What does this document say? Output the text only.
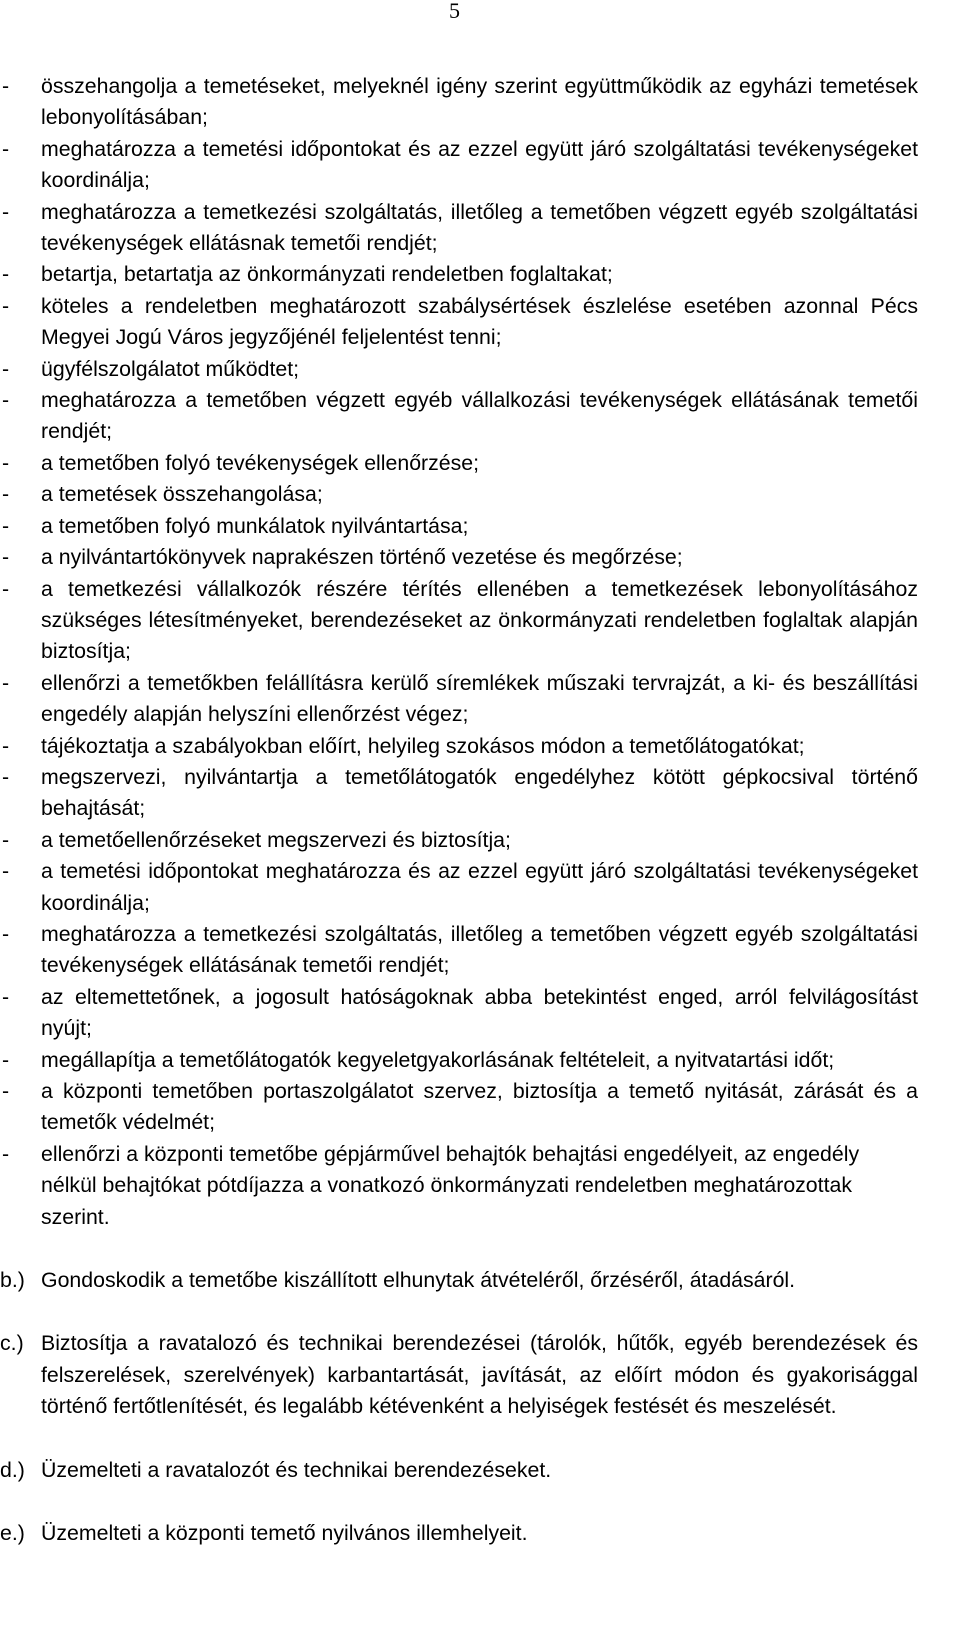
5
- összehangolja a temetéseket, melyeknél igény szerint együttműködik az egyházi temetések lebonyolításában;
- meghatározza a temetési időpontokat és az ezzel együtt járó szolgáltatási tevékenységeket koordinálja;
- meghatározza a temetkezési szolgáltatás, illetőleg a temetőben végzett egyéb szolgáltatási tevékenységek ellátásnak temetői rendjét;
- betartja, betartatja az önkormányzati rendeletben foglaltakat;
- köteles a rendeletben meghatározott szabálysértések észlelése esetében azonnal Pécs Megyei Jogú Város jegyzőjénél feljelentést tenni;
- ügyfélszolgálatot működtet;
- meghatározza a temetőben végzett egyéb vállalkozási tevékenységek ellátásának temetői rendjét;
- a temetőben folyó tevékenységek ellenőrzése;
- a temetések összehangolása;
- a temetőben folyó munkálatok nyilvántartása;
- a nyilvántartókönyvek naprakészen történő vezetése és megőrzése;
- a temetkezési vállalkozók részére térítés ellenében a temetkezések lebonyolításához szükséges létesítményeket, berendezéseket az önkormányzati rendeletben foglaltak alapján biztosítja;
- ellenőrzi a temetőkben felállításra kerülő síremlékek műszaki tervrajzát, a ki- és beszállítási engedély alapján helyszíni ellenőrzést végez;
- tájékoztatja a szabályokban előírt, helyileg szokásos módon a temetőlátogatókat;
- megszervezi, nyilvántartja a temetőlátogatók engedélyhez kötött gépkocsival történő behajtását;
- a temetőellenőrzéseket megszervezi és biztosítja;
- a temetési időpontokat meghatározza és az ezzel együtt járó szolgáltatási tevékenységeket koordinálja;
- meghatározza a temetkezési szolgáltatás, illetőleg a temetőben végzett egyéb szolgáltatási tevékenységek ellátásának temetői rendjét;
- az eltemettetőnek, a jogosult hatóságoknak abba betekintést enged, arról felvilágosítást nyújt;
- megállapítja a temetőlátogatók kegyeletgyakorlásának feltételeit, a nyitvatartási időt;
- a központi temetőben portaszolgálatot szervez, biztosítja a temető nyitását, zárását és a temetők védelmét;
- ellenőrzi a központi temetőbe gépjárművel behajtók behajtási engedélyeit, az engedély nélkül behajtókat pótdíjazza a vonatkozó önkormányzati rendeletben meghatározottak szerint.
b.) Gondoskodik a temetőbe kiszállított elhunytak átvételéről, őrzéséről, átadásáról.
c.) Biztosítja a ravatalozó és technikai berendezései (tárolók, hűtők, egyéb berendezések és felszerelések, szerelvények) karbantartását, javítását, az előírt módon és gyakorisággal történő fertőtlenítését, és legalább kétévenként a helyiségek festését és meszelését.
d.) Üzemelteti a ravatalozót és technikai berendezéseket.
e.) Üzemelteti a központi temető nyilvános illemhelyeit.
